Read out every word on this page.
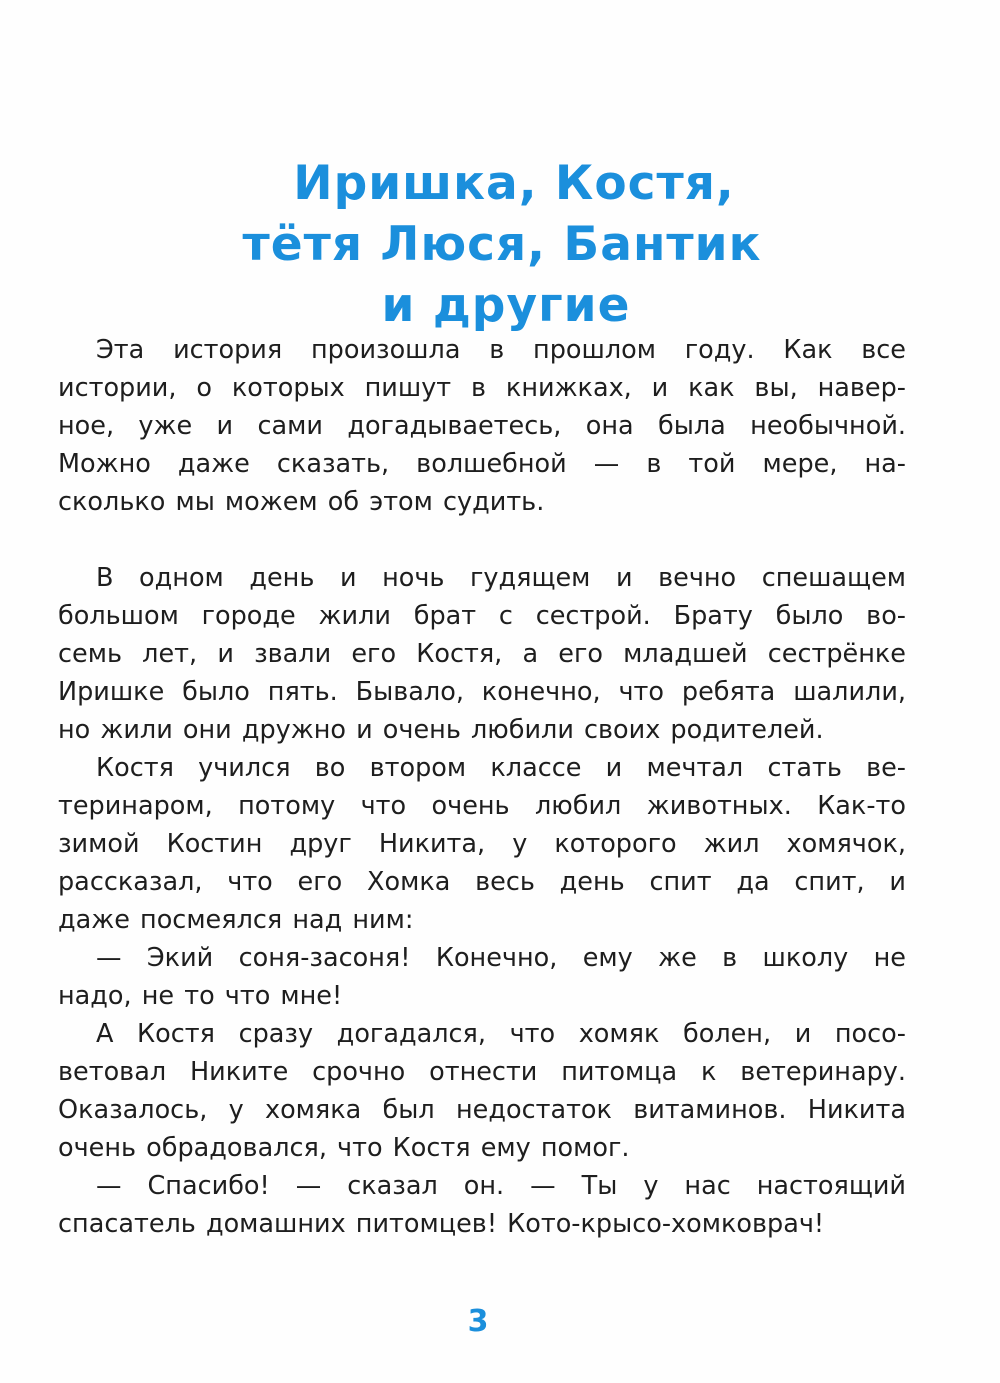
Иришка, Костя,
тётя Люся, Бантик
и другие
Эта история произошла в прошлом году. Как все
истории, о которых пишут в книжках, и как вы, навер-
ное, уже и сами догадываетесь, она была необычной.
Можно даже сказать, волшебной — в той мере, на-
сколько мы можем об этом судить.
В одном день и ночь гудящем и вечно спешащем
большом городе жили брат с сестрой. Брату было во-
семь лет, и звали его Костя, а его младшей сестрёнке
Иришке было пять. Бывало, конечно, что ребята шалили,
но жили они дружно и очень любили своих родителей.
Костя учился во втором классе и мечтал стать ве-
теринаром, потому что очень любил животных. Как-то
зимой Костин друг Никита, у которого жил хомячок,
рассказал, что его Хомка весь день спит да спит, и
даже посмеялся над ним:
— Экий соня-засоня! Конечно, ему же в школу не
надо, не то что мне!
А Костя сразу догадался, что хомяк болен, и посо-
ветовал Никите срочно отнести питомца к ветеринару.
Оказалось, у хомяка был недостаток витаминов. Никита
очень обрадовался, что Костя ему помог.
— Спасибо! — сказал он. — Ты у нас настоящий
спасатель домашних питомцев! Кото-крысо-хомковрач!
3
